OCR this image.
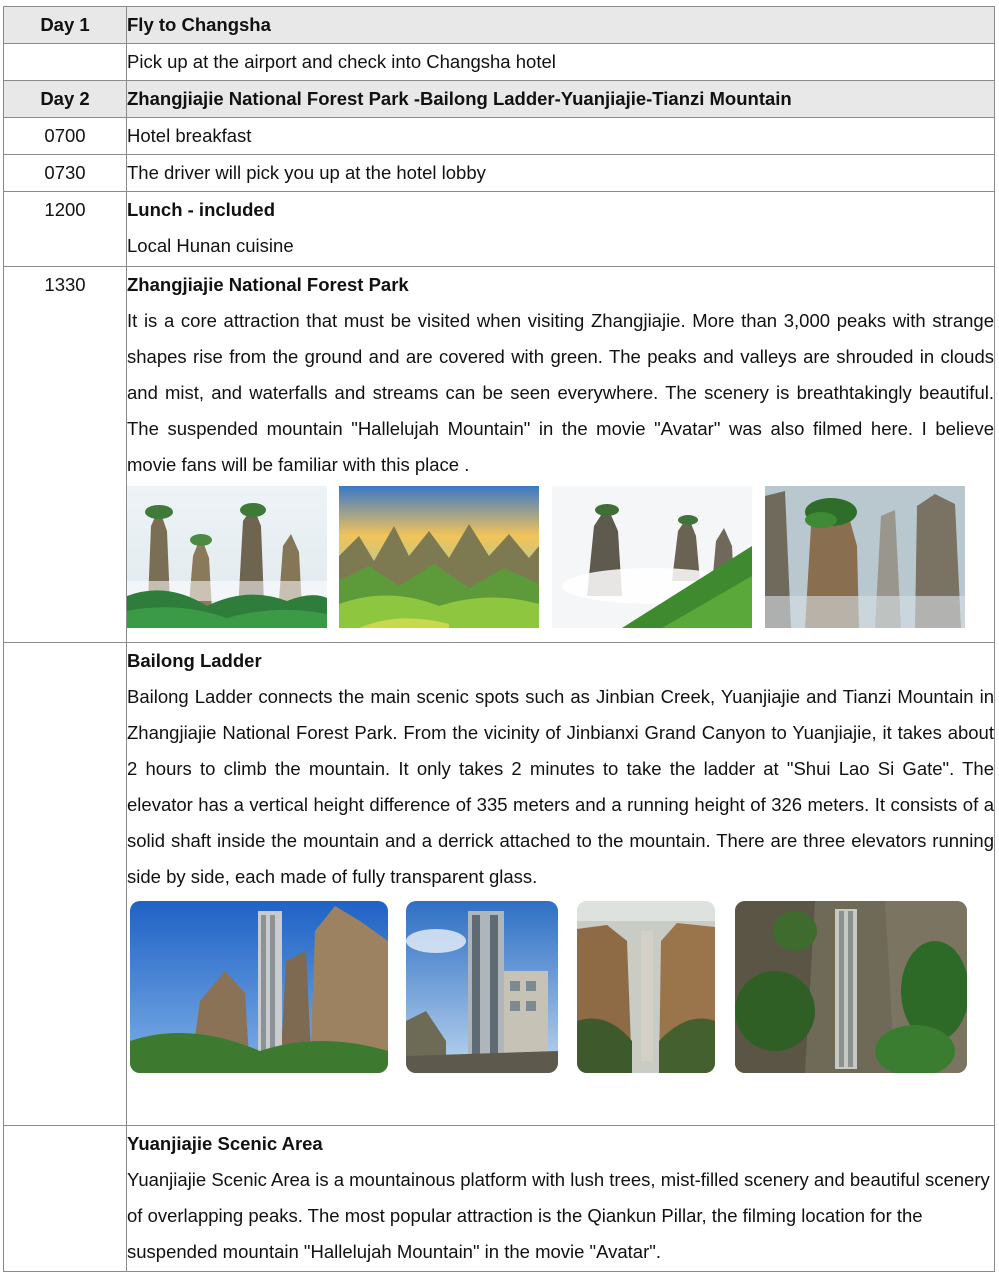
Day 1	Fly to Changsha
	Pick up at the airport and check into Changsha hotel
Day 2	Zhangjiajie National Forest Park -Bailong Ladder-Yuanjiajie-Tianzi Mountain
0700	Hotel breakfast
0730	The driver will pick you up at the hotel lobby
1200	Lunch - included
Local Hunan cuisine

1330	Zhangjiajie National Forest Park
It is a core attraction that must be visited when visiting Zhangjiajie. More than 3,000 peaks with strange shapes rise from the ground and are covered with green. The peaks and valleys are shrouded in clouds and mist, and waterfalls and streams can be seen everywhere. The scenery is breathtakingly beautiful. The suspended mountain "Hallelujah Mountain" in the movie "Avatar" was also filmed here. I believe movie fans will be familiar with this place .

	Bailong Ladder
Bailong Ladder connects the main scenic spots such as Jinbian Creek, Yuanjiajie and Tianzi Mountain in Zhangjiajie National Forest Park. From the vicinity of Jinbianxi Grand Canyon to Yuanjiajie, it takes about 2 hours to climb the mountain. It only takes 2 minutes to take the ladder at "Shui Lao Si Gate". The elevator has a vertical height difference of 335 meters and a running height of 326 meters. It consists of a solid shaft inside the mountain and a derrick attached to the mountain. There are three elevators running side by side, each made of fully transparent glass.

	Yuanjiajie Scenic Area
Yuanjiajie Scenic Area is a mountainous platform with lush trees, mist-filled scenery and beautiful scenery of overlapping peaks. The most popular attraction is the Qiankun Pillar, the filming location for the suspended mountain "Hallelujah Mountain" in the movie "Avatar".
